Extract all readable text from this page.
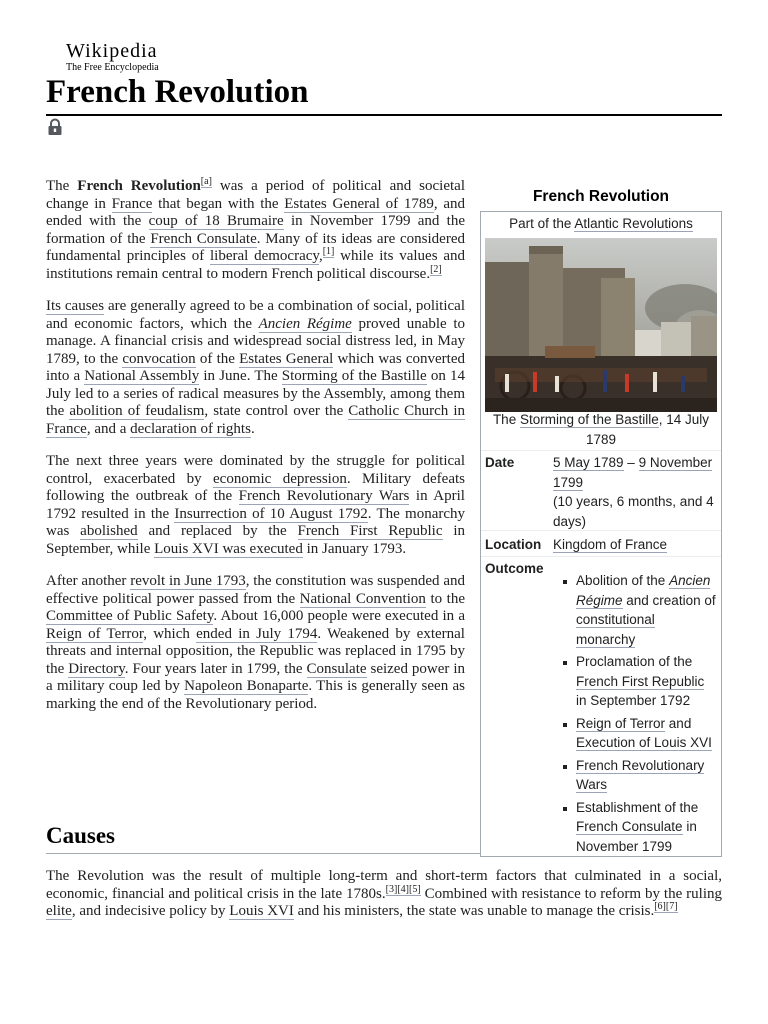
Wikipedia
The Free Encyclopedia
French Revolution

The French Revolution[a] was a period of political and societal change in France that began with the Estates General of 1789, and ended with the coup of 18 Brumaire in November 1799 and the formation of the French Consulate. Many of its ideas are considered fundamental principles of liberal democracy,[1] while its values and institutions remain central to modern French political discourse.[2]

Its causes are generally agreed to be a combination of social, political and economic factors, which the Ancien Régime proved unable to manage. A financial crisis and widespread social distress led, in May 1789, to the convocation of the Estates General which was converted into a National Assembly in June. The Storming of the Bastille on 14 July led to a series of radical measures by the Assembly, among them the abolition of feudalism, state control over the Catholic Church in France, and a declaration of rights.

The next three years were dominated by the struggle for political control, exacerbated by economic depression. Military defeats following the outbreak of the French Revolutionary Wars in April 1792 resulted in the Insurrection of 10 August 1792. The monarchy was abolished and replaced by the French First Republic in September, while Louis XVI was executed in January 1793.

After another revolt in June 1793, the constitution was suspended and effective political power passed from the National Convention to the Committee of Public Safety. About 16,000 people were executed in a Reign of Terror, which ended in July 1794. Weakened by external threats and internal opposition, the Republic was replaced in 1795 by the Directory. Four years later in 1799, the Consulate seized power in a military coup led by Napoleon Bonaparte. This is generally seen as marking the end of the Revolutionary period.

Causes

The Revolution was the result of multiple long-term and short-term factors that culminated in a social, economic, financial and political crisis in the late 1780s.[3][4][5] Combined with resistance to reform by the ruling elite, and indecisive policy by Louis XVI and his ministers, the state was unable to manage the crisis.[6][7]

French Revolution
Part of the Atlantic Revolutions
The Storming of the Bastille, 14 July 1789
Date	5 May 1789 – 9 November 1799
(10 years, 6 months, and 4 days)
Location Kingdom of France
Outcome
Abolition of the Ancien Régime and creation of constitutional monarchy
Proclamation of the French First Republic in September 1792
Reign of Terror and Execution of Louis XVI
French Revolutionary Wars
Establishment of the French Consulate in November 1799
